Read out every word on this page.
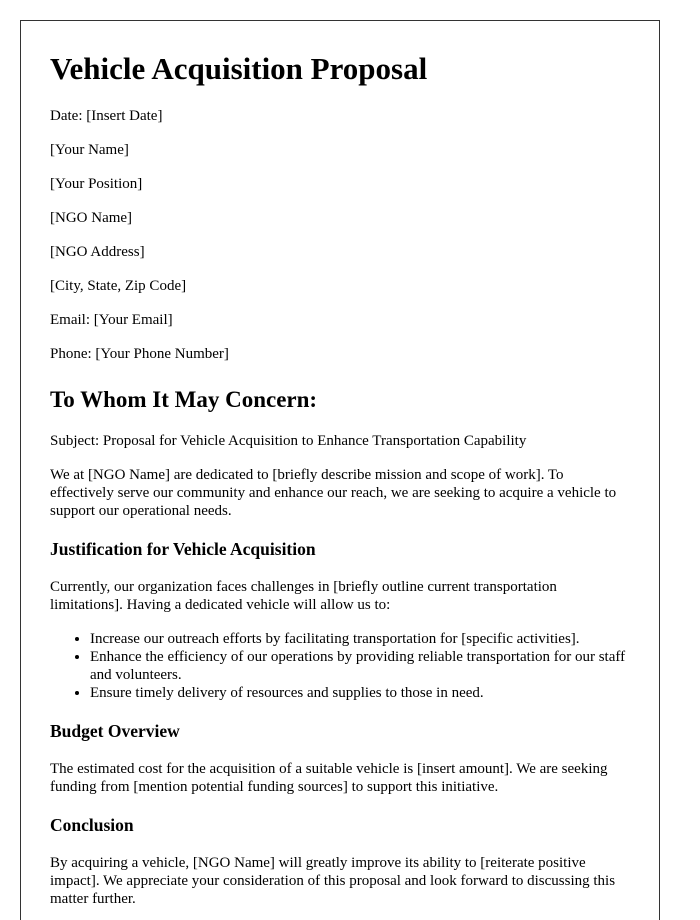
Vehicle Acquisition Proposal

Date: [Insert Date]

[Your Name]

[Your Position]

[NGO Name]

[NGO Address]

[City, State, Zip Code]

Email: [Your Email]

Phone: [Your Phone Number]

To Whom It May Concern:

Subject: Proposal for Vehicle Acquisition to Enhance Transportation Capability

We at [NGO Name] are dedicated to [briefly describe mission and scope of work]. To effectively serve our community and enhance our reach, we are seeking to acquire a vehicle to support our operational needs.

Justification for Vehicle Acquisition

Currently, our organization faces challenges in [briefly outline current transportation limitations]. Having a dedicated vehicle will allow us to:

• Increase our outreach efforts by facilitating transportation for [specific activities].
• Enhance the efficiency of our operations by providing reliable transportation for our staff and volunteers.
• Ensure timely delivery of resources and supplies to those in need.
Budget Overview

The estimated cost for the acquisition of a suitable vehicle is [insert amount]. We are seeking funding from [mention potential funding sources] to support this initiative.

Conclusion

By acquiring a vehicle, [NGO Name] will greatly improve its ability to [reiterate positive impact]. We appreciate your consideration of this proposal and look forward to discussing this matter further.
